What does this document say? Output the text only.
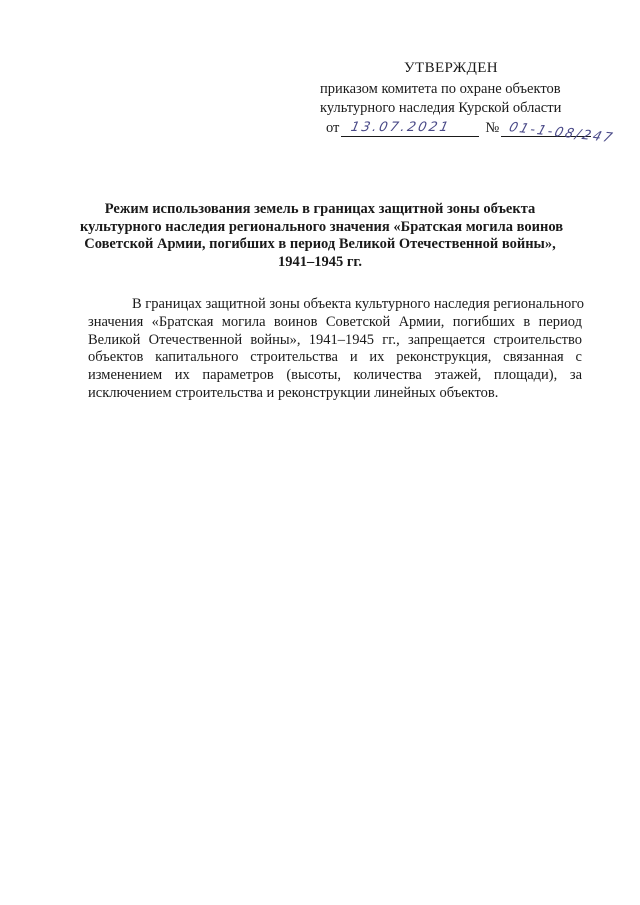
УТВЕРЖДЕН
приказом комитета по охране объектов
культурного наследия Курской области
от 13.07.2021 № 01-1-08/247
Режим использования земель в границах защитной зоны объекта
культурного наследия регионального значения «Братская могила воинов
Советской Армии, погибших в период Великой Отечественной войны»,
1941–1945 гг.
В границах защитной зоны объекта культурного наследия регионального
значения «Братская могила воинов Советской Армии, погибших в период
Великой Отечественной войны», 1941–1945 гг., запрещается строительство
объектов капитального строительства и их реконструкция, связанная с
изменением их параметров (высоты, количества этажей, площади), за
исключением строительства и реконструкции линейных объектов.
